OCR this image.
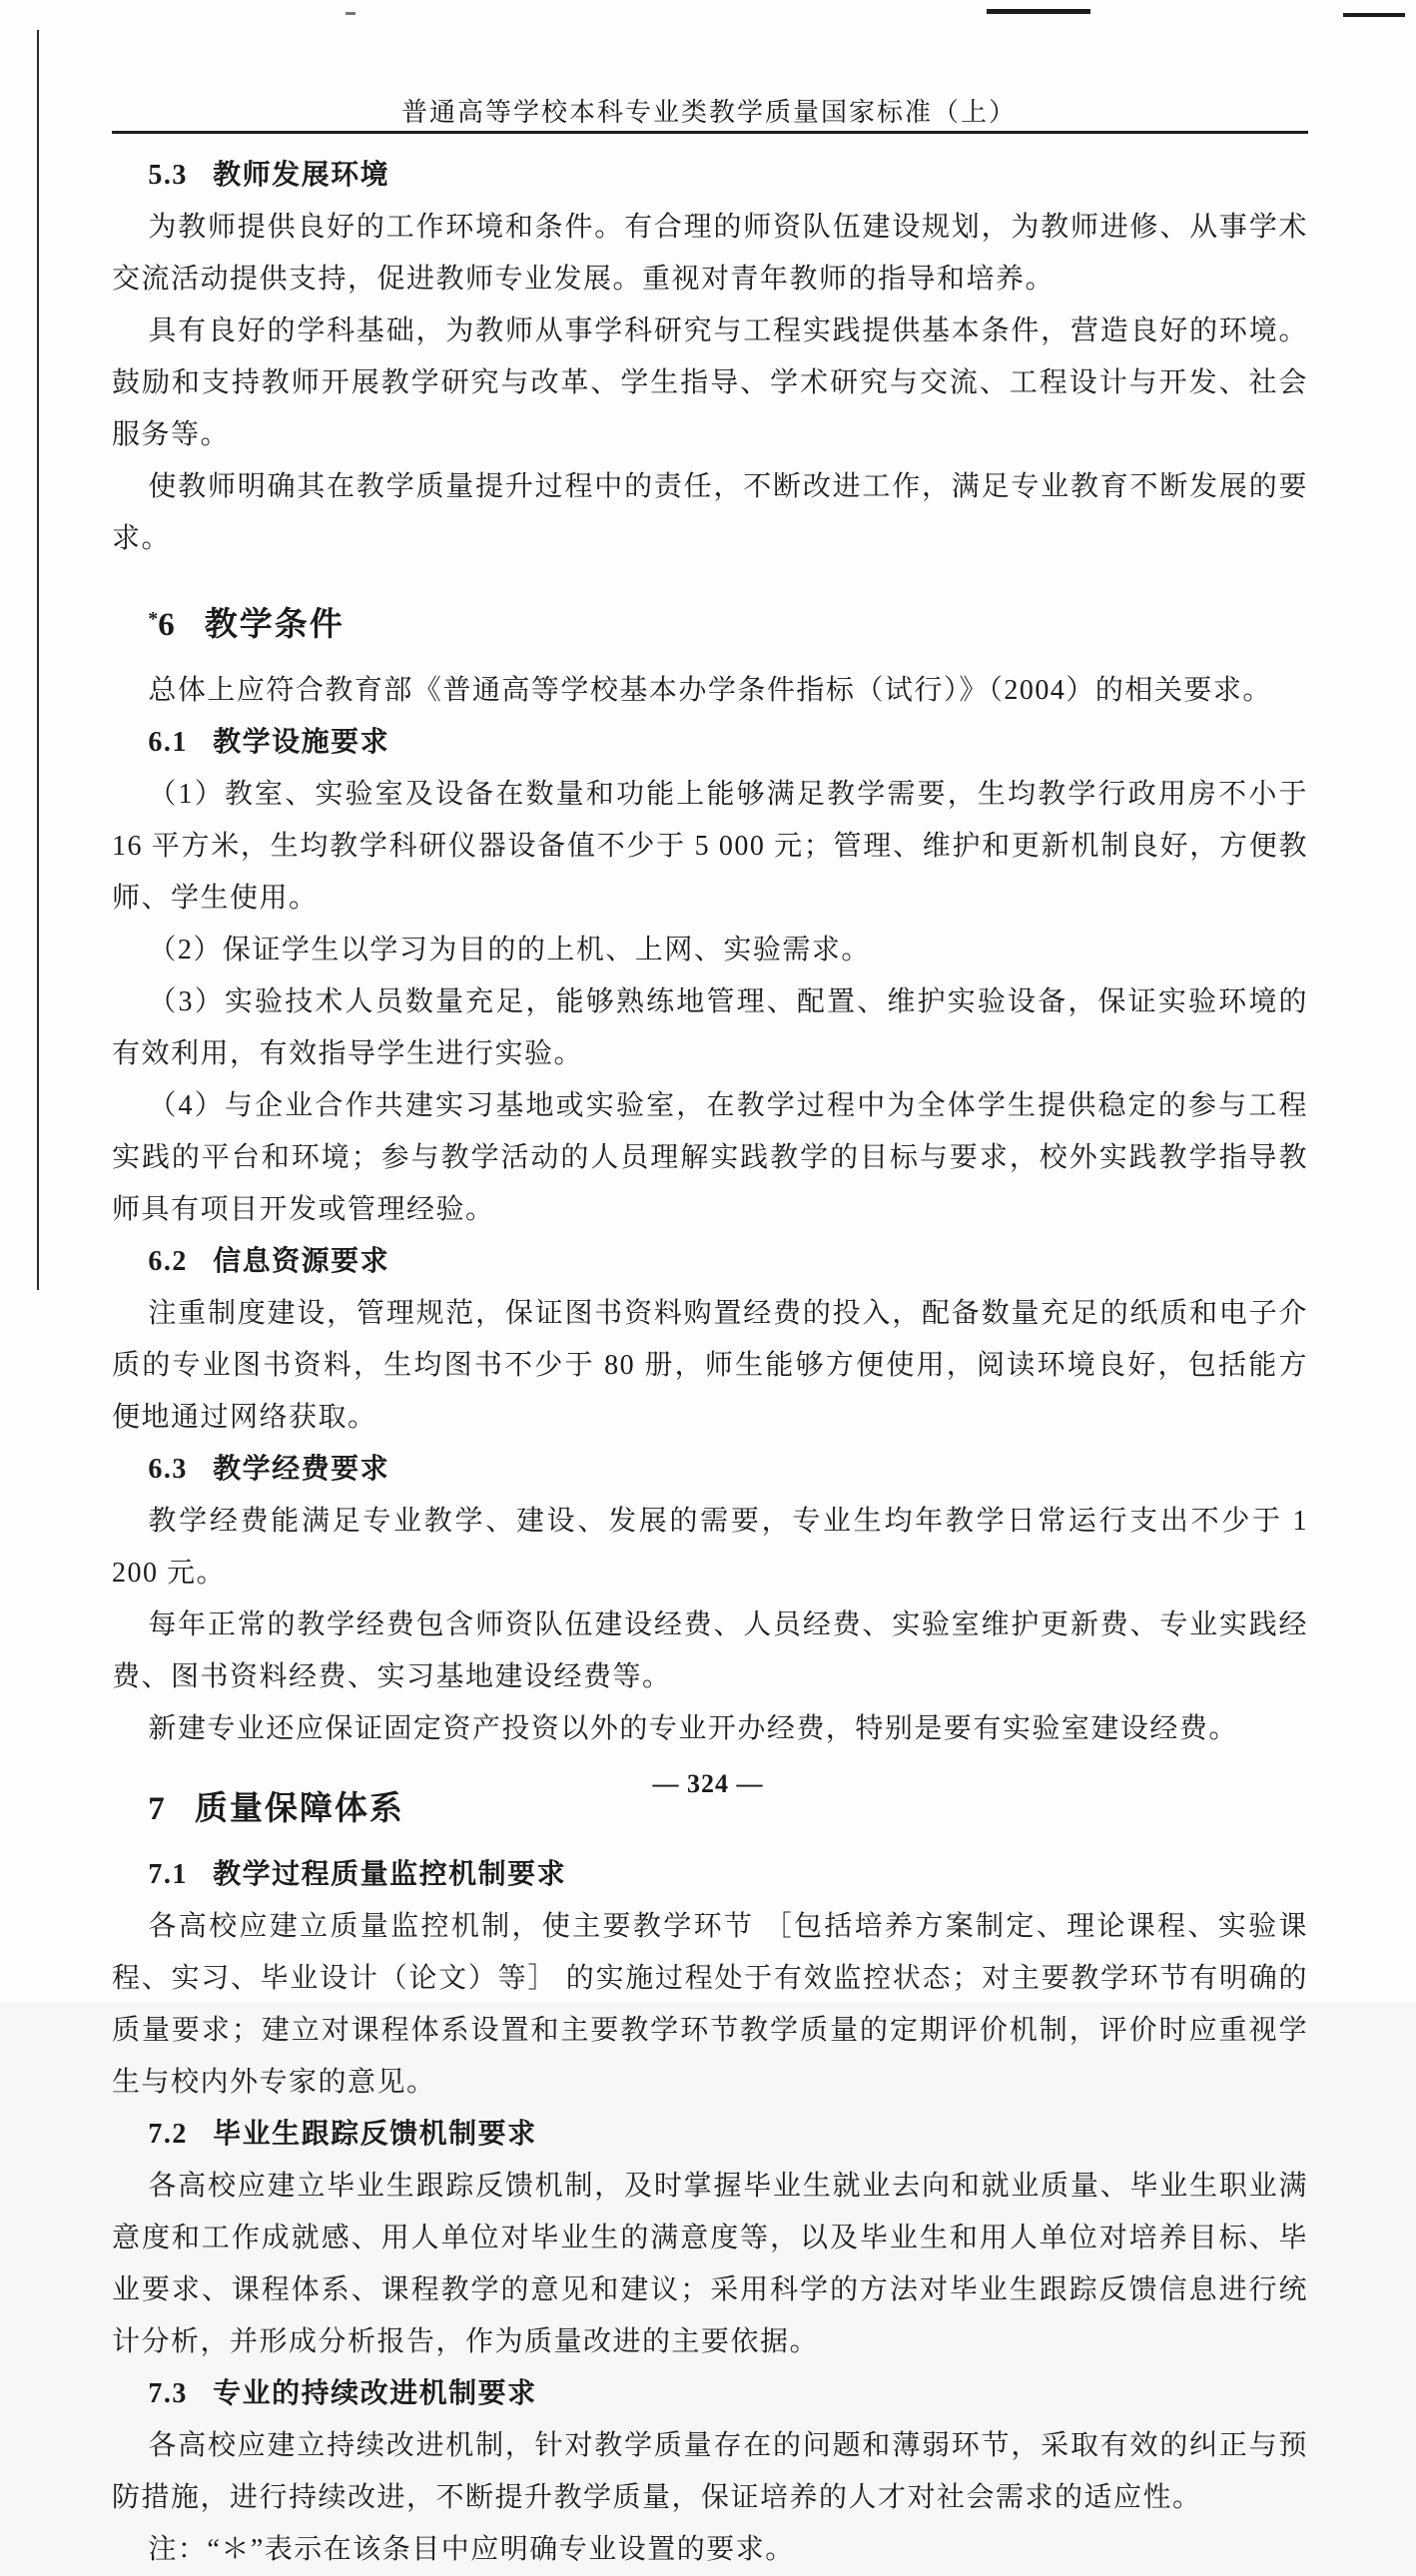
普通高等学校本科专业类教学质量国家标准（上）
5.3 教师发展环境

为教师提供良好的工作环境和条件。有合理的师资队伍建设规划，为教师进修、从事学术交流活动提供支持，促进教师专业发展。重视对青年教师的指导和培养。

具有良好的学科基础，为教师从事学科研究与工程实践提供基本条件，营造良好的环境。鼓励和支持教师开展教学研究与改革、学生指导、学术研究与交流、工程设计与开发、社会服务等。

使教师明确其在教学质量提升过程中的责任，不断改进工作，满足专业教育不断发展的要求。

*6 教学条件

总体上应符合教育部《普通高等学校基本办学条件指标（试行）》（2004）的相关要求。

6.1 教学设施要求

（1）教室、实验室及设备在数量和功能上能够满足教学需要，生均教学行政用房不小于 16 平方米，生均教学科研仪器设备值不少于 5 000 元；管理、维护和更新机制良好，方便教师、学生使用。

（2）保证学生以学习为目的的上机、上网、实验需求。

（3）实验技术人员数量充足，能够熟练地管理、配置、维护实验设备，保证实验环境的有效利用，有效指导学生进行实验。

（4）与企业合作共建实习基地或实验室，在教学过程中为全体学生提供稳定的参与工程实践的平台和环境；参与教学活动的人员理解实践教学的目标与要求，校外实践教学指导教师具有项目开发或管理经验。

6.2 信息资源要求

注重制度建设，管理规范，保证图书资料购置经费的投入，配备数量充足的纸质和电子介质的专业图书资料，生均图书不少于 80 册，师生能够方便使用，阅读环境良好，包括能方便地通过网络获取。

6.3 教学经费要求

教学经费能满足专业教学、建设、发展的需要，专业生均年教学日常运行支出不少于 1 200 元。

每年正常的教学经费包含师资队伍建设经费、人员经费、实验室维护更新费、专业实践经费、图书资料经费、实习基地建设经费等。

新建专业还应保证固定资产投资以外的专业开办经费，特别是要有实验室建设经费。

7 质量保障体系
7.1 教学过程质量监控机制要求

各高校应建立质量监控机制，使主要教学环节 ［包括培养方案制定、理论课程、实验课程、实习、毕业设计（论文）等］ 的实施过程处于有效监控状态；对主要教学环节有明确的质量要求；建立对课程体系设置和主要教学环节教学质量的定期评价机制，评价时应重视学生与校内外专家的意见。

7.2 毕业生跟踪反馈机制要求

各高校应建立毕业生跟踪反馈机制，及时掌握毕业生就业去向和就业质量、毕业生职业满意度和工作成就感、用人单位对毕业生的满意度等，以及毕业生和用人单位对培养目标、毕业要求、课程体系、课程教学的意见和建议；采用科学的方法对毕业生跟踪反馈信息进行统计分析，并形成分析报告，作为质量改进的主要依据。

7.3 专业的持续改进机制要求

各高校应建立持续改进机制，针对教学质量存在的问题和薄弱环节，采取有效的纠正与预防措施，进行持续改进，不断提升教学质量，保证培养的人才对社会需求的适应性。

注：“＊”表示在该条目中应明确专业设置的要求。

— 324 —
